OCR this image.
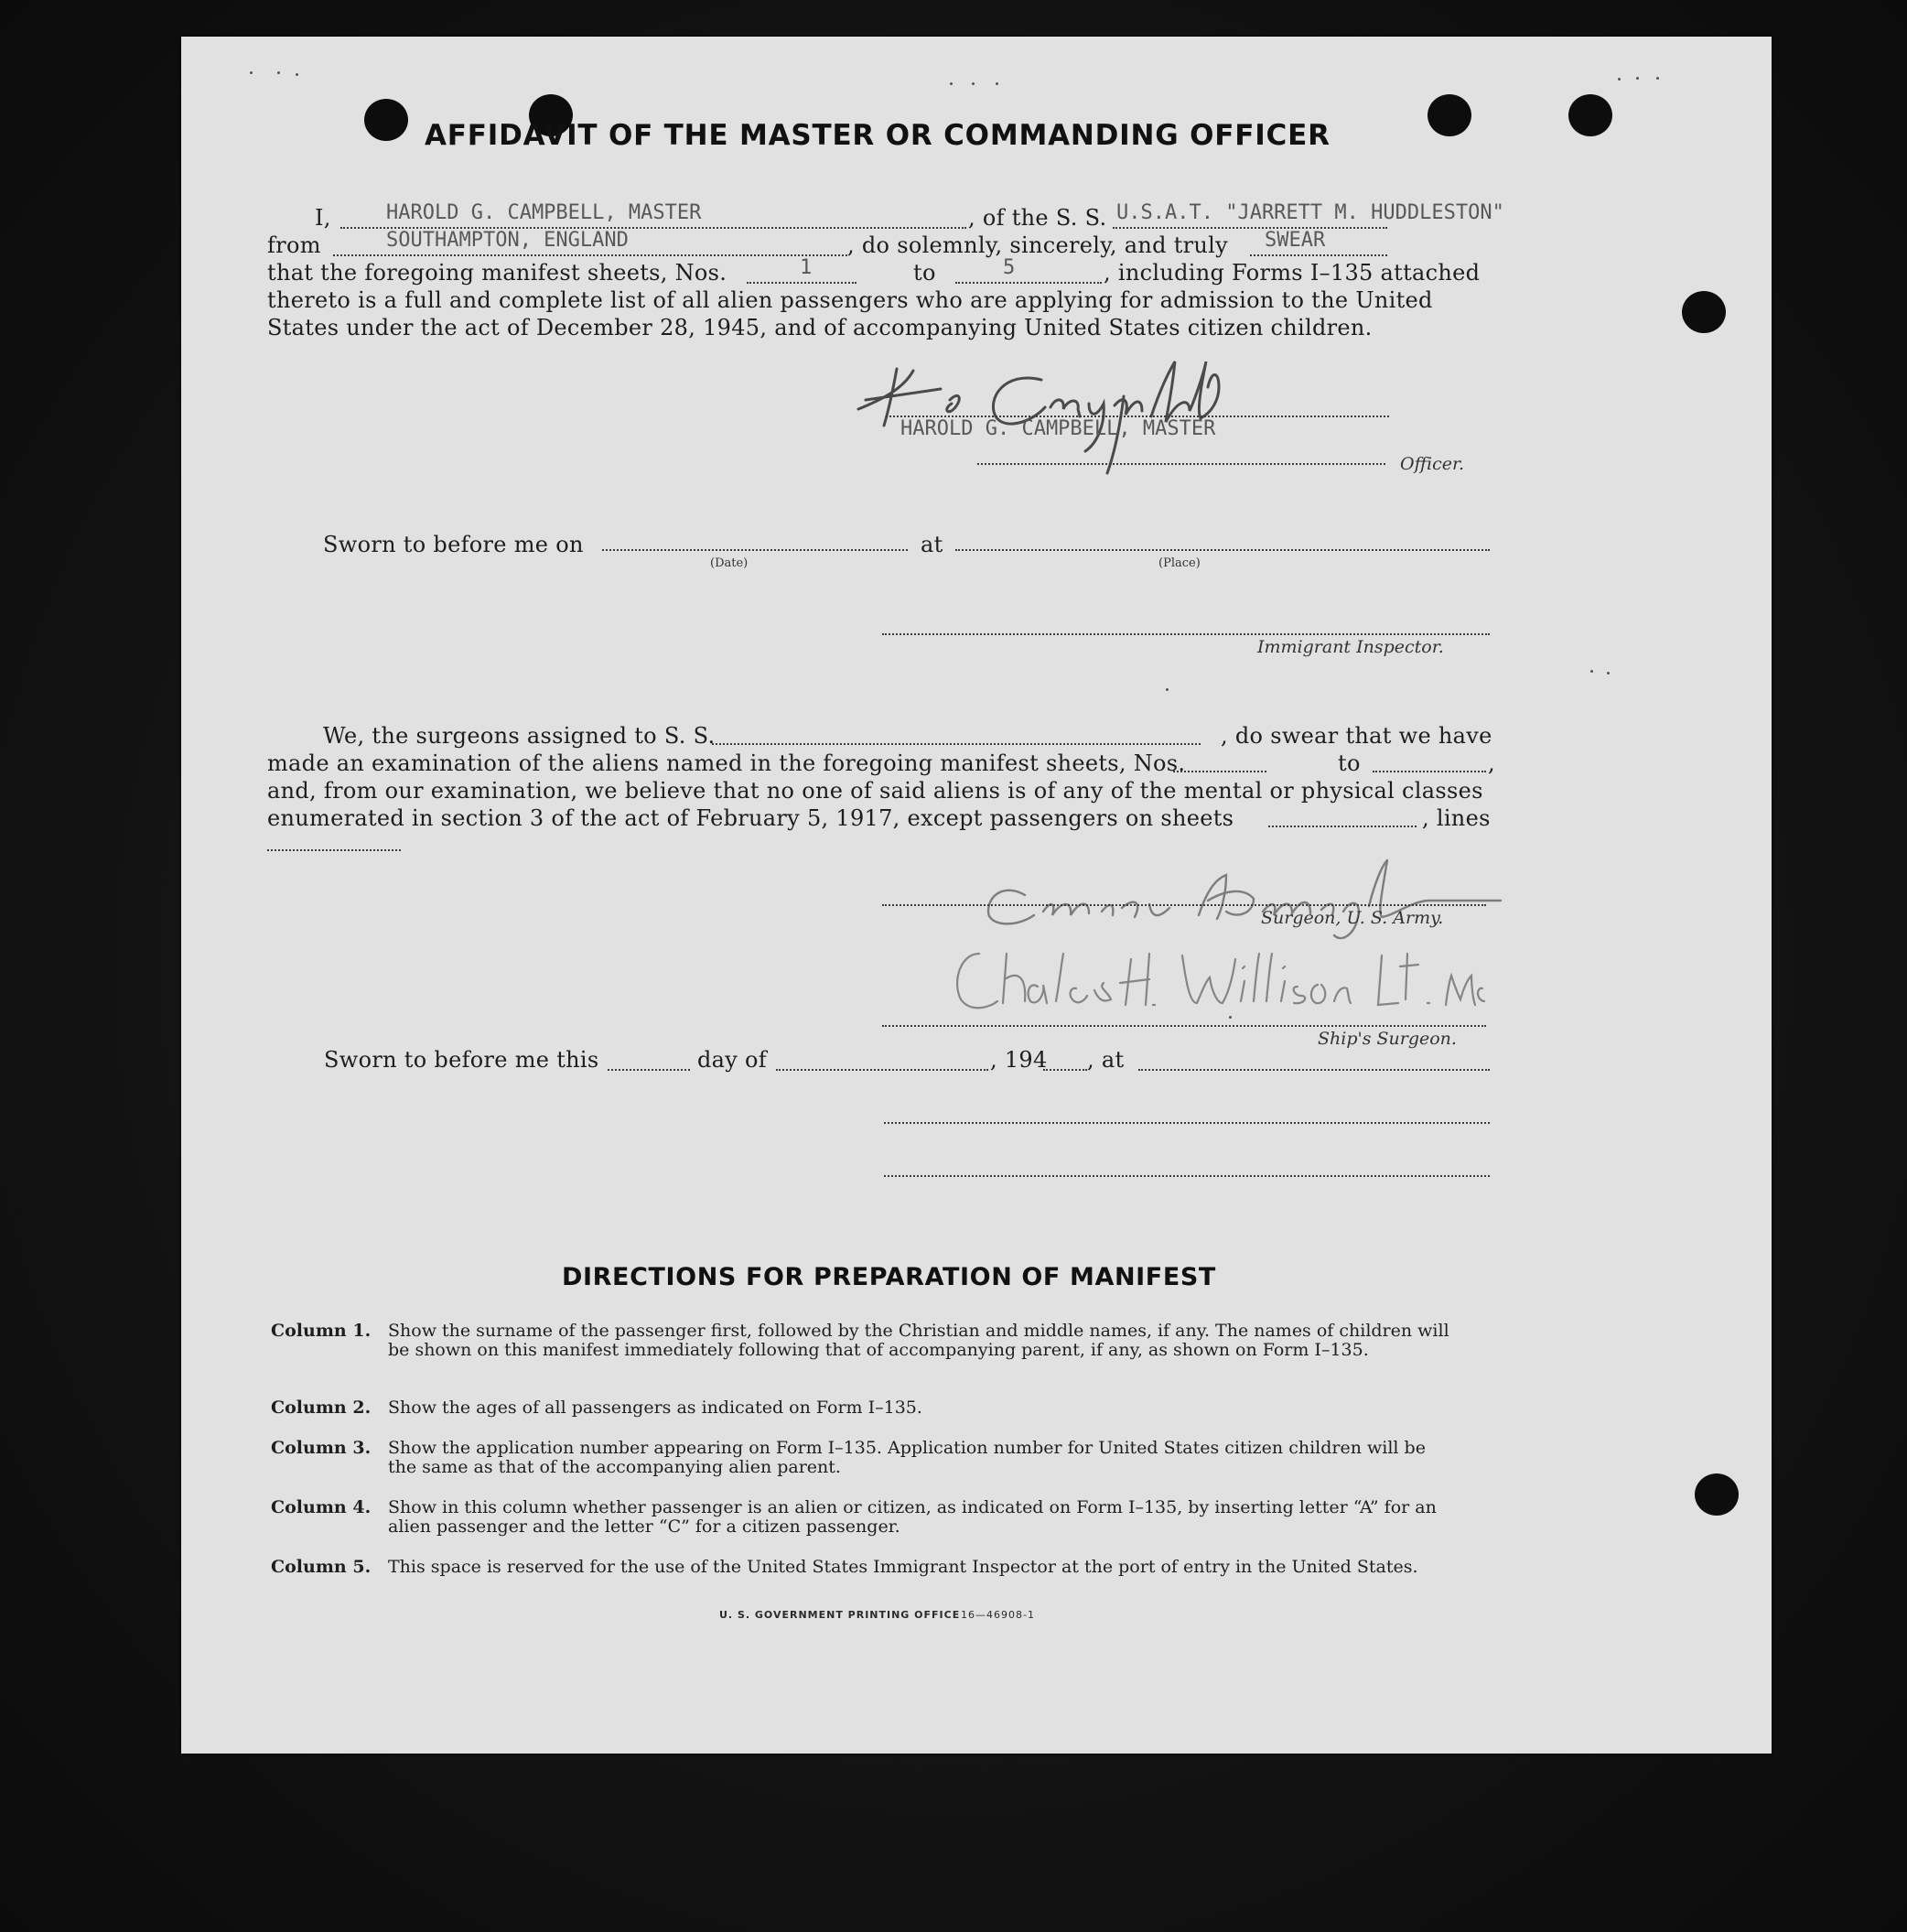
AFFIDAVIT OF THE MASTER OR COMMANDING OFFICER
I,	HAROLD G. CAMPBELL, MASTER	, of the S. S. U.S.A.T. "JARRETT M. HUDDLESTON"
from	SOUTHAMPTON, ENGLAND	, do solemnly, sincerely, and truly SWEAR
that the foregoing manifest sheets, Nos.	1	to	5	, including Forms I–135 attached
thereto is a full and complete list of all alien passengers who are applying for admission to the United
States under the act of December 28, 1945, and of accompanying United States citizen children.
HAROLD G. CAMPBELL, MASTER
Officer.
Sworn to before me on	at
(Date)	(Place)
Immigrant Inspector.
We, the surgeons assigned to S. S.	, do swear that we have
made an examination of the aliens named in the foregoing manifest sheets, Nos.	to	,
and, from our examination, we believe that no one of said aliens is of any of the mental or physical classes
enumerated in section 3 of the act of February 5, 1917, except passengers on sheets	, lines
Surgeon, U. S. Army.
Ship's Surgeon.
Sworn to before me this	day of	, 194 , at
DIRECTIONS FOR PREPARATION OF MANIFEST
Column 1. Show the surname of the passenger first, followed by the Christian and middle names, if any. The names of children will be shown on this manifest immediately following that of accompanying parent, if any, as shown on Form I–135.
Column 2. Show the ages of all passengers as indicated on Form I–135.
Column 3. Show the application number appearing on Form I–135. Application number for United States citizen children will be the same as that of the accompanying alien parent.
Column 4. Show in this column whether passenger is an alien or citizen, as indicated on Form I–135, by inserting letter “A” for an alien passenger and the letter “C” for a citizen passenger.
Column 5. This space is reserved for the use of the United States Immigrant Inspector at the port of entry in the United States.
U. S. GOVERNMENT PRINTING OFFICE 16—46908-1
